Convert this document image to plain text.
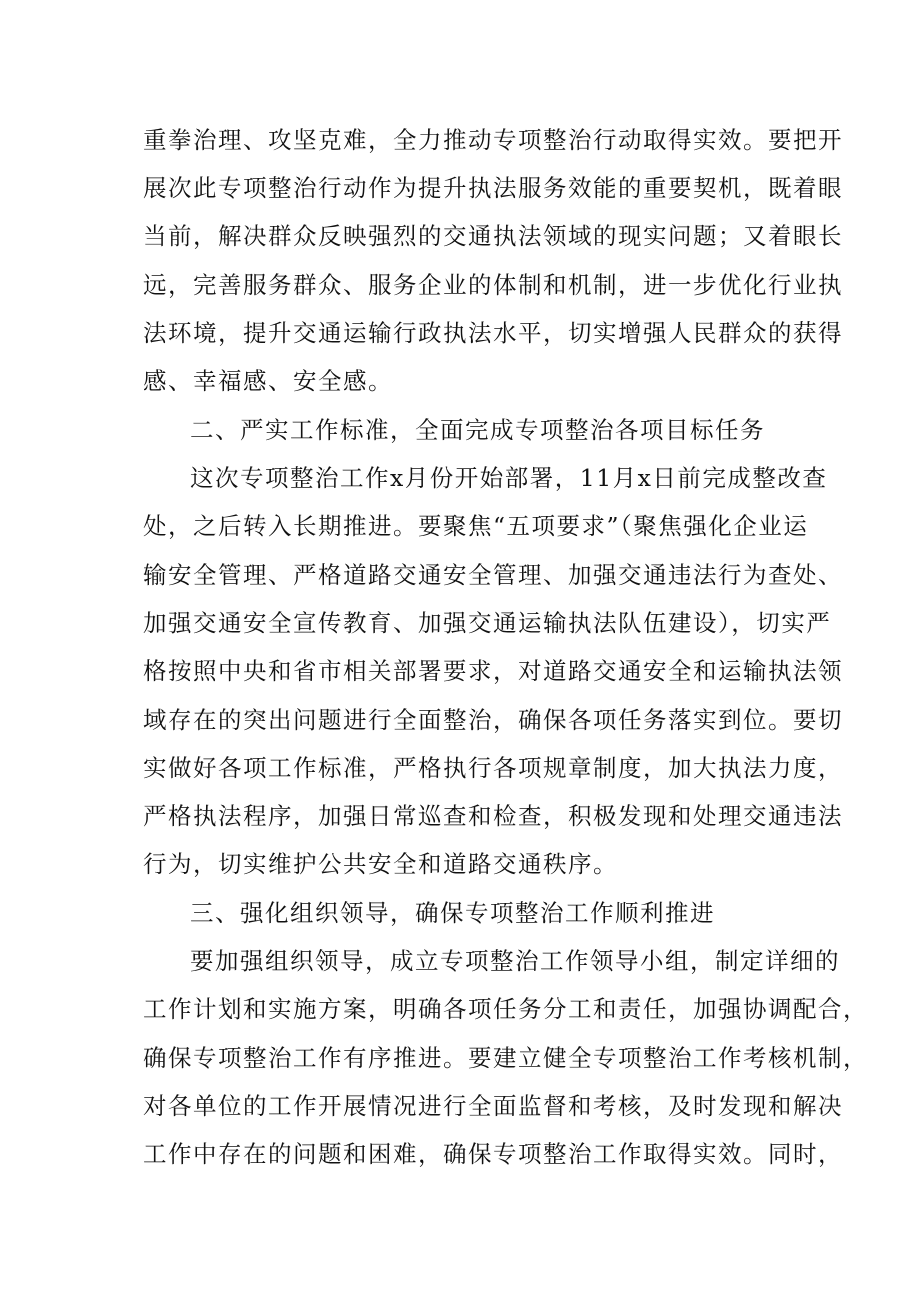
重拳治理、攻坚克难，全力推动专项整治行动取得实效。要把开
展次此专项整治行动作为提升执法服务效能的重要契机，既着眼
当前，解决群众反映强烈的交通执法领域的现实问题；又着眼长
远，完善服务群众、服务企业的体制和机制，进一步优化行业执
法环境，提升交通运输行政执法水平，切实增强人民群众的获得
感、幸福感、安全感。
二、严实工作标准，全面完成专项整治各项目标任务
这次专项整治工作x月份开始部署，11月x日前完成整改查
处，之后转入长期推进。要聚焦“五项要求”（聚焦强化企业运
输安全管理、严格道路交通安全管理、加强交通违法行为查处、
加强交通安全宣传教育、加强交通运输执法队伍建设），切实严
格按照中央和省市相关部署要求，对道路交通安全和运输执法领
域存在的突出问题进行全面整治，确保各项任务落实到位。要切
实做好各项工作标准，严格执行各项规章制度，加大执法力度，
严格执法程序，加强日常巡查和检查，积极发现和处理交通违法
行为，切实维护公共安全和道路交通秩序。
三、强化组织领导，确保专项整治工作顺利推进
要加强组织领导，成立专项整治工作领导小组，制定详细的
工作计划和实施方案，明确各项任务分工和责任，加强协调配合，
确保专项整治工作有序推进。要建立健全专项整治工作考核机制，
对各单位的工作开展情况进行全面监督和考核，及时发现和解决
工作中存在的问题和困难，确保专项整治工作取得实效。同时，
